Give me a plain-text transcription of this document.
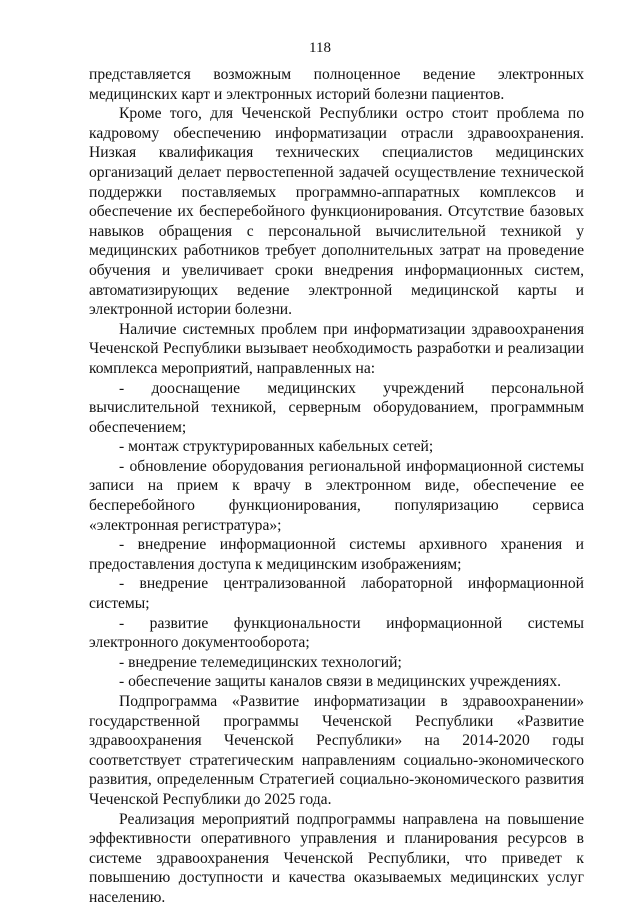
118

представляется возможным полноценное ведение электронных медицинских карт и электронных историй болезни пациентов.

Кроме того, для Чеченской Республики остро стоит проблема по кадровому обеспечению информатизации отрасли здравоохранения. Низкая квалификация технических специалистов медицинских организаций делает первостепенной задачей осуществление технической поддержки поставляемых программно-аппаратных комплексов и обеспечение их бесперебойного функционирования. Отсутствие базовых навыков обращения с персональной вычислительной техникой у медицинских работников требует дополнительных затрат на проведение обучения и увеличивает сроки внедрения информационных систем, автоматизирующих ведение электронной медицинской карты и электронной истории болезни.

Наличие системных проблем при информатизации здравоохранения Чеченской Республики вызывает необходимость разработки и реализации комплекса мероприятий, направленных на:

- дооснащение медицинских учреждений персональной вычислительной техникой, серверным оборудованием, программным обеспечением;

- монтаж структурированных кабельных сетей;

- обновление оборудования региональной информационной системы записи на прием к врачу в электронном виде, обеспечение ее бесперебойного функционирования, популяризацию сервиса «электронная регистратура»;

- внедрение информационной системы архивного хранения и предоставления доступа к медицинским изображениям;

- внедрение централизованной лабораторной информационной системы;

- развитие функциональности информационной системы электронного документооборота;

- внедрение телемедицинских технологий;

- обеспечение защиты каналов связи в медицинских учреждениях.

Подпрограмма «Развитие информатизации в здравоохранении» государственной программы Чеченской Республики «Развитие здравоохранения Чеченской Республики» на 2014-2020 годы соответствует стратегическим направлениям социально-экономического развития, определенным Стратегией социально-экономического развития Чеченской Республики до 2025 года.

Реализация мероприятий подпрограммы направлена на повышение эффективности оперативного управления и планирования ресурсов в системе здравоохранения Чеченской Республики, что приведет к повышению доступности и качества оказываемых медицинских услуг населению.
